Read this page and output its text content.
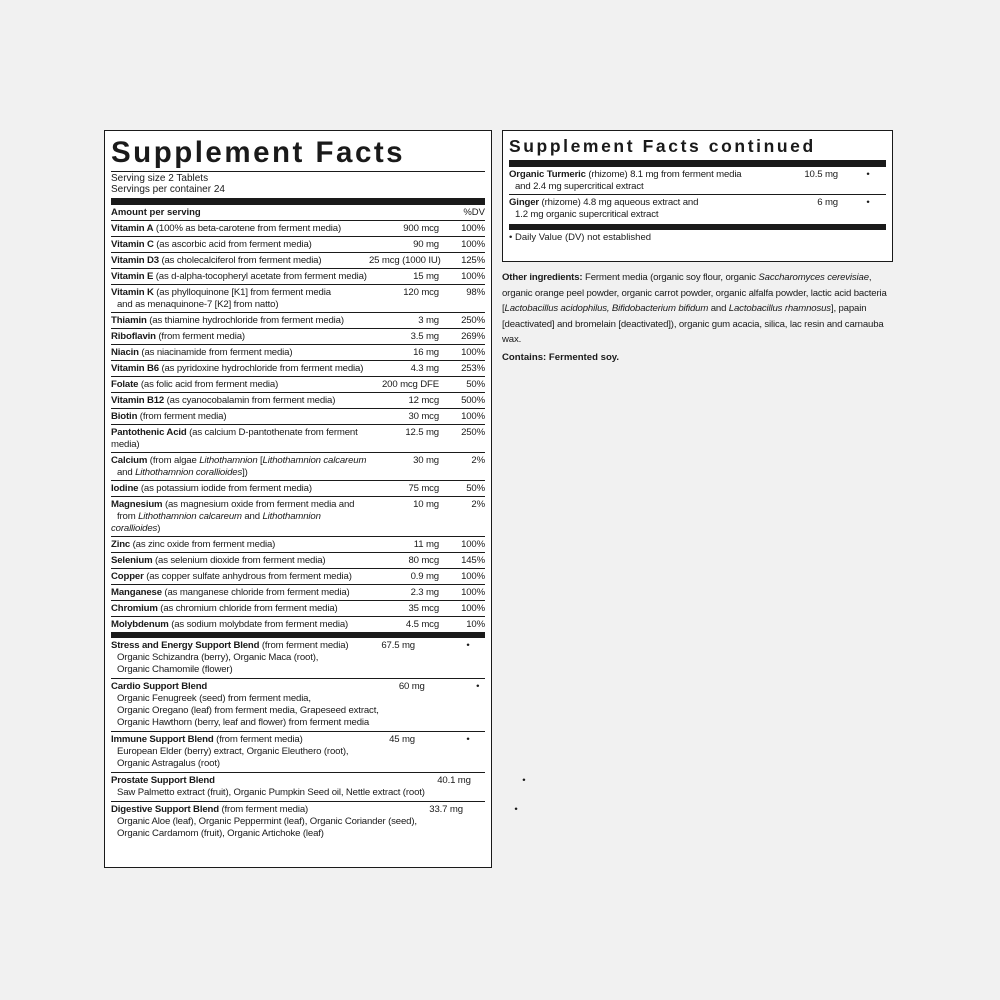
Supplement Facts
Serving size 2 Tablets
Servings per container 24
Amount per serving	%DV
Vitamin A (100% as beta-carotene from ferment media)	900 mcg	100%
Vitamin C (as ascorbic acid from ferment media)	90 mg	100%
Vitamin D3 (as cholecalciferol from ferment media)	25 mcg (1000 IU)	125%
Vitamin E (as d-alpha-tocopheryl acetate from ferment media)	15 mg	100%
Vitamin K (as phylloquinone [K1] from ferment media
and as menaquinone-7 [K2] from natto)
120 mcg	98%
Thiamin (as thiamine hydrochloride from ferment media)	3 mg	250%
Riboflavin (from ferment media)	3.5 mg	269%
Niacin (as niacinamide from ferment media)	16 mg	100%
Vitamin B6 (as pyridoxine hydrochloride from ferment media)	4.3 mg	253%
Folate (as folic acid from ferment media)	200 mcg DFE	50%
Vitamin B12 (as cyanocobalamin from ferment media)	12 mcg	500%
Biotin (from ferment media)	30 mcg	100%
Pantothenic Acid (as calcium D-pantothenate from ferment media)
12.5 mg	250%
Calcium (from algae Lithothamnion [Lithothamnion calcareum
and Lithothamnion corallioides])
30 mg	2%
Iodine (as potassium iodide from ferment media)	75 mcg	50%
Magnesium (as magnesium oxide from ferment media and
from Lithothamnion calcareum and Lithothamnion corallioides)
10 mg	2%
Zinc (as zinc oxide from ferment media)	11 mg	100%
Selenium (as selenium dioxide from ferment media)	80 mcg	145%
Copper (as copper sulfate anhydrous from ferment media)	0.9 mg	100%
Manganese (as manganese chloride from ferment media)	2.3 mg	100%
Chromium (as chromium chloride from ferment media)	35 mcg	100%
Molybdenum (as sodium molybdate from ferment media)	4.5 mcg	10%
Stress and Energy Support Blend (from ferment media)
Organic Schizandra (berry), Organic Maca (root),
Organic Chamomile (flower)
67.5 mg	•
Cardio Support Blend
Organic Fenugreek (seed) from ferment media,
Organic Oregano (leaf) from ferment media, Grapeseed extract,
Organic Hawthorn (berry, leaf and flower) from ferment media
60 mg	•
Immune Support Blend (from ferment media)
European Elder (berry) extract, Organic Eleuthero (root),
Organic Astragalus (root)
45 mg	•
Prostate Support Blend
Saw Palmetto extract (fruit), Organic Pumpkin Seed oil, Nettle extract (root)
40.1 mg	•
Digestive Support Blend (from ferment media)
Organic Aloe (leaf), Organic Peppermint (leaf), Organic Coriander (seed),
Organic Cardamom (fruit), Organic Artichoke (leaf)
33.7 mg	•
Supplement Facts continued
Organic Turmeric (rhizome) 8.1 mg from ferment media
and 2.4 mg supercritical extract
10.5 mg	•
Ginger (rhizome) 4.8 mg aqueous extract and
1.2 mg organic supercritical extract
6 mg	•
• Daily Value (DV) not established
Other ingredients: Ferment media (organic soy flour, organic Saccharomyces cerevisiae, organic orange peel powder, organic carrot powder, organic alfalfa powder, lactic acid bacteria [Lactobacillus acidophilus, Bifidobacterium bifidum and Lactobacillus rhamnosus], papain [deactivated] and bromelain [deactivated]), organic gum acacia, silica, lac resin and carnauba wax.
Contains: Fermented soy.
